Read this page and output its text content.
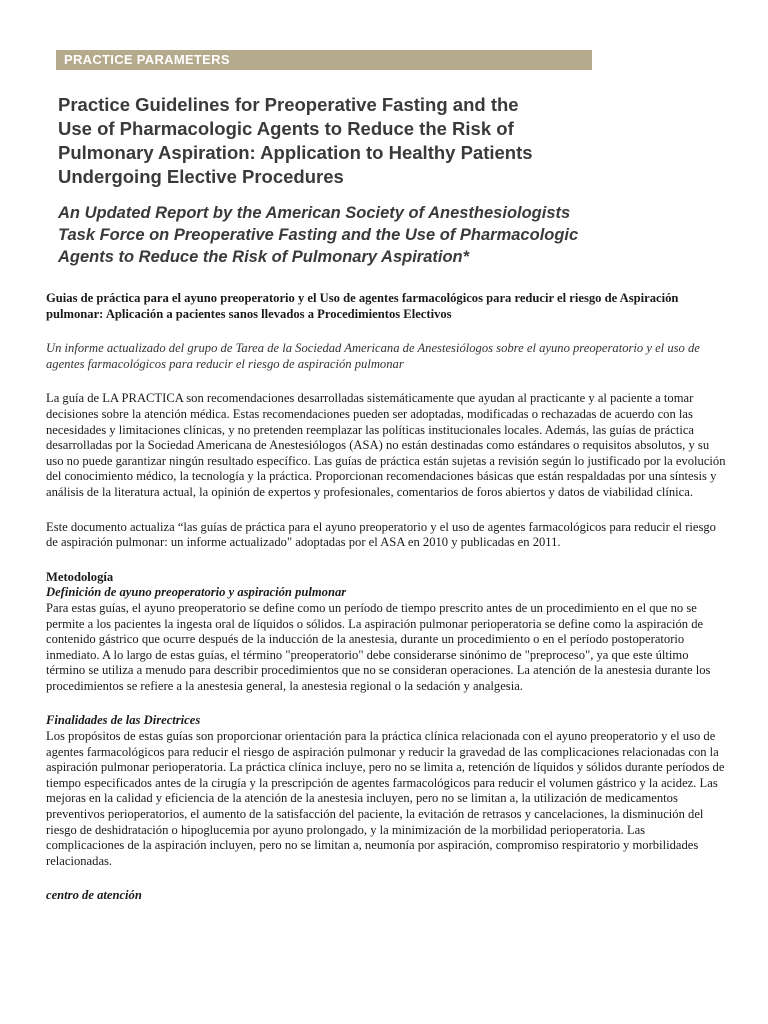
PRACTICE PARAMETERS
Practice Guidelines for Preoperative Fasting and the
Use of Pharmacologic Agents to Reduce the Risk of
Pulmonary Aspiration: Application to Healthy Patients
Undergoing Elective Procedures
An Updated Report by the American Society of Anesthesiologists
Task Force on Preoperative Fasting and the Use of Pharmacologic
Agents to Reduce the Risk of Pulmonary Aspiration*

Guias de práctica para el ayuno preoperatorio y el Uso de agentes farmacológicos para reducir el riesgo de Aspiración pulmonar: Aplicación a pacientes sanos llevados a Procedimientos Electivos

Un informe actualizado del grupo de Tarea de la Sociedad Americana de Anestesiólogos sobre el ayuno preoperatorio y el uso de agentes farmacológicos para reducir el riesgo de aspiración pulmonar

La guía de LA PRACTICA son recomendaciones desarrolladas sistemáticamente que ayudan al practicante y al paciente a tomar decisiones sobre la atención médica. Estas recomendaciones pueden ser adoptadas, modificadas o rechazadas de acuerdo con las necesidades y limitaciones clínicas, y no pretenden reemplazar las políticas institucionales locales. Además, las guías de práctica desarrolladas por la Sociedad Americana de Anestesiólogos (ASA) no están destinadas como estándares o requisitos absolutos, y su uso no puede garantizar ningún resultado específico. Las guías de práctica están sujetas a revisión según lo justificado por la evolución del conocimiento médico, la tecnología y la práctica. Proporcionan recomendaciones básicas que están respaldadas por una síntesis y análisis de la literatura actual, la opinión de expertos y profesionales, comentarios de foros abiertos y datos de viabilidad clínica.

Este documento actualiza “las guías de práctica para el ayuno preoperatorio y el uso de agentes farmacológicos para reducir el riesgo de aspiración pulmonar: un informe actualizado" adoptadas por el ASA en 2010 y publicadas en 2011.

Metodología

Definición de ayuno preoperatorio y aspiración pulmonar

Para estas guías, el ayuno preoperatorio se define como un período de tiempo prescrito antes de un procedimiento en el que no se permite a los pacientes la ingesta oral de líquidos o sólidos. La aspiración pulmonar perioperatoria se define como la aspiración de contenido gástrico que ocurre después de la inducción de la anestesia, durante un procedimiento o en el período postoperatorio inmediato. A lo largo de estas guías, el término "preoperatorio" debe considerarse sinónimo de "preproceso", ya que este último término se utiliza a menudo para describir procedimientos que no se consideran operaciones. La atención de la anestesia durante los procedimientos se refiere a la anestesia general, la anestesia regional o la sedación y analgesia.

Finalidades de las Directrices

Los propósitos de estas guías son proporcionar orientación para la práctica clínica relacionada con el ayuno preoperatorio y el uso de agentes farmacológicos para reducir el riesgo de aspiración pulmonar y reducir la gravedad de las complicaciones relacionadas con la aspiración pulmonar perioperatoria. La práctica clínica incluye, pero no se limita a, retención de líquidos y sólidos durante períodos de tiempo especificados antes de la cirugía y la prescripción de agentes farmacológicos para reducir el volumen gástrico y la acidez. Las mejoras en la calidad y eficiencia de la atención de la anestesia incluyen, pero no se limitan a, la utilización de medicamentos preventivos perioperatorios, el aumento de la satisfacción del paciente, la evitación de retrasos y cancelaciones, la disminución del riesgo de deshidratación o hipoglucemia por ayuno prolongado, y la minimización de la morbilidad perioperatoria. Las complicaciones de la aspiración incluyen, pero no se limitan a, neumonía por aspiración, compromiso respiratorio y morbilidades relacionadas.

centro de atención
